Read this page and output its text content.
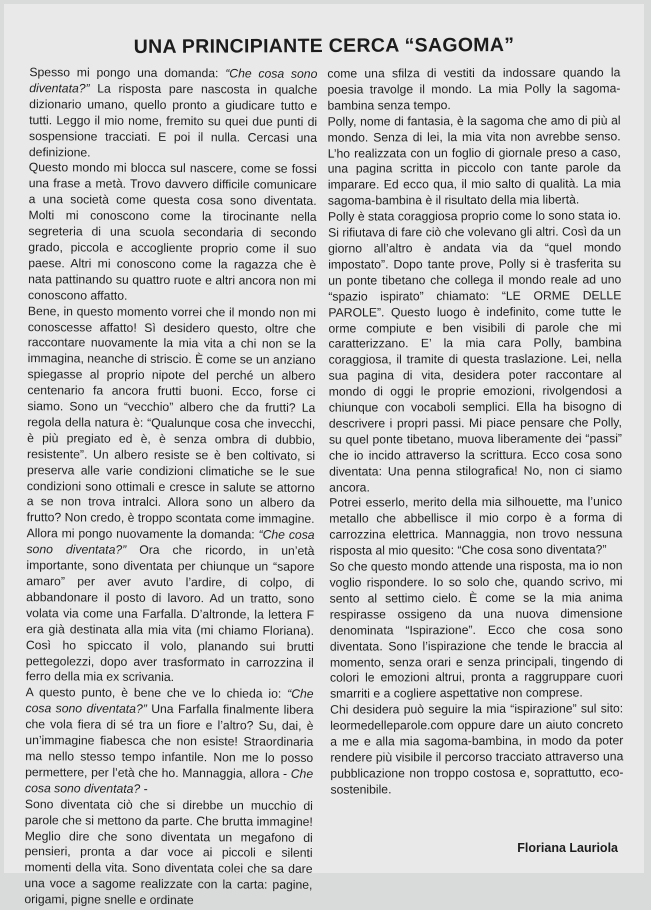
UNA PRINCIPIANTE CERCA “SAGOMA”

Spesso mi pongo una domanda: “Che cosa sono diventata?” La risposta pare nascosta in qualche dizionario umano, quello pronto a giudicare tutto e tutti. Leggo il mio nome, fremito su quei due punti di sospensione tracciati. E poi il nulla. Cercasi una definizione.

Questo mondo mi blocca sul nascere, come se fossi una frase a metà. Trovo davvero difficile comunicare a una società come questa cosa sono diventata. Molti mi conoscono come la tirocinante nella segreteria di una scuola secondaria di secondo grado, piccola e accogliente proprio come il suo paese. Altri mi conoscono come la ragazza che è nata pattinando su quattro ruote e altri ancora non mi conoscono affatto.

Bene, in questo momento vorrei che il mondo non mi conoscesse affatto! Sì desidero questo, oltre che raccontare nuovamente la mia vita a chi non se la immagina, neanche di striscio. È come se un anziano spiegasse al proprio nipote del perché un albero centenario fa ancora frutti buoni. Ecco, forse ci siamo. Sono un “vecchio” albero che da frutti? La regola della natura è: “Qualunque cosa che invecchi, è più pregiato ed è, è senza ombra di dubbio, resistente”. Un albero resiste se è ben coltivato, si preserva alle varie condizioni climatiche se le sue condizioni sono ottimali e cresce in salute se attorno a se non trova intralci. Allora sono un albero da frutto? Non credo, è troppo scontata come immagine.

Allora mi pongo nuovamente la domanda: “Che cosa sono diventata?” Ora che ricordo, in un’età importante, sono diventata per chiunque un “sapore amaro” per aver avuto l’ardire, di colpo, di abbandonare il posto di lavoro. Ad un tratto, sono volata via come una Farfalla. D’altronde, la lettera F era già destinata alla mia vita (mi chiamo Floriana). Così ho spiccato il volo, planando sui brutti pettegolezzi, dopo aver trasformato in carrozzina il ferro della mia ex scrivania.

A questo punto, è bene che ve lo chieda io: “Che cosa sono diventata?” Una Farfalla finalmente libera che vola fiera di sé tra un fiore e l’altro? Su, dai, è un’immagine fiabesca che non esiste! Straordinaria ma nello stesso tempo infantile. Non me lo posso permettere, per l’età che ho. Mannaggia, allora - Che cosa sono diventata? -

Sono diventata ciò che si direbbe un mucchio di parole che si mettono da parte. Che brutta immagine! Meglio dire che sono diventata un megafono di pensieri, pronta a dar voce ai piccoli e silenti momenti della vita. Sono diventata colei che sa dare una voce a sagome realizzate con la carta: pagine, origami, pigne snelle e ordinate

come una sfilza di vestiti da indossare quando la poesia travolge il mondo. La mia Polly la sagoma-bambina senza tempo.

Polly, nome di fantasia, è la sagoma che amo di più al mondo. Senza di lei, la mia vita non avrebbe senso. L’ho realizzata con un foglio di giornale preso a caso, una pagina scritta in piccolo con tante parole da imparare. Ed ecco qua, il mio salto di qualità. La mia sagoma-bambina è il risultato della mia libertà.

Polly è stata coraggiosa proprio come lo sono stata io. Si rifiutava di fare ciò che volevano gli altri. Così da un giorno all’altro è andata via da “quel mondo impostato”. Dopo tante prove, Polly si è trasferita su un ponte tibetano che collega il mondo reale ad uno “spazio ispirato” chiamato: “LE ORME DELLE PAROLE”. Questo luogo è indefinito, come tutte le orme compiute e ben visibili di parole che mi caratterizzano. E’ la mia cara Polly, bambina coraggiosa, il tramite di questa traslazione. Lei, nella sua pagina di vita, desidera poter raccontare al mondo di oggi le proprie emozioni, rivolgendosi a chiunque con vocaboli semplici. Ella ha bisogno di descrivere i propri passi. Mi piace pensare che Polly, su quel ponte tibetano, muova liberamente dei “passi” che io incido attraverso la scrittura. Ecco cosa sono diventata: Una penna stilografica! No, non ci siamo ancora.

Potrei esserlo, merito della mia silhouette, ma l’unico metallo che abbellisce il mio corpo è a forma di carrozzina elettrica. Mannaggia, non trovo nessuna risposta al mio quesito: “Che cosa sono diventata?”

So che questo mondo attende una risposta, ma io non voglio rispondere. Io so solo che, quando scrivo, mi sento al settimo cielo. È come se la mia anima respirasse ossigeno da una nuova dimensione denominata “Ispirazione”. Ecco che cosa sono diventata. Sono l’ispirazione che tende le braccia al momento, senza orari e senza principali, tingendo di colori le emozioni altrui, pronta a raggruppare cuori smarriti e a cogliere aspettative non comprese.

Chi desidera può seguire la mia “ispirazione” sul sito: leormedelleparole.com oppure dare un aiuto concreto a me e alla mia sagoma-bambina, in modo da poter rendere più visibile il percorso tracciato attraverso una pubblicazione non troppo costosa e, soprattutto, eco-sostenibile.

Floriana Lauriola
